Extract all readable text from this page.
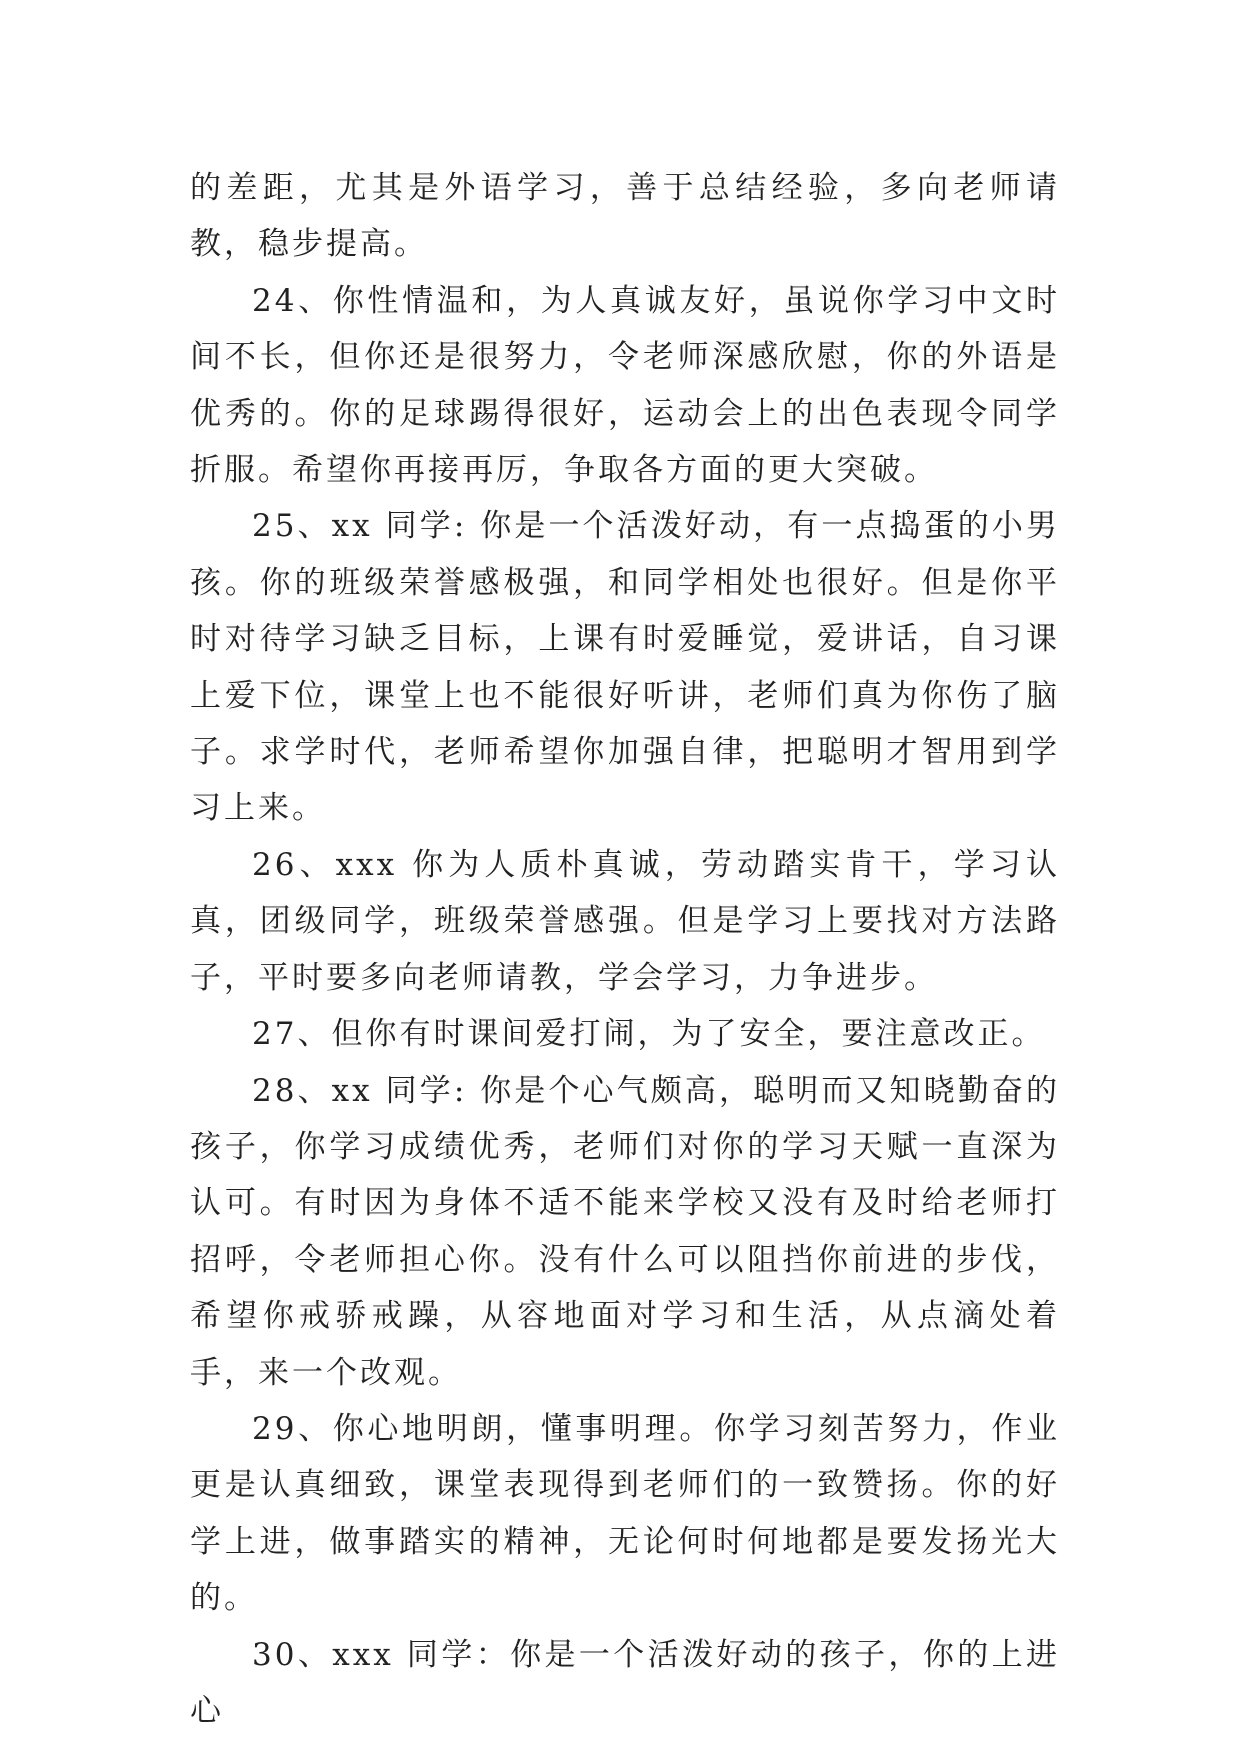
的差距，尤其是外语学习，善于总结经验，多向老师请教，稳步提高。

24、你性情温和，为人真诚友好，虽说你学习中文时间不长，但你还是很努力，令老师深感欣慰，你的外语是优秀的。你的足球踢得很好，运动会上的出色表现令同学折服。希望你再接再厉，争取各方面的更大突破。

25、xx 同学: 你是一个活泼好动，有一点捣蛋的小男孩。你的班级荣誉感极强，和同学相处也很好。但是你平时对待学习缺乏目标，上课有时爱睡觉，爱讲话，自习课上爱下位，课堂上也不能很好听讲，老师们真为你伤了脑子。求学时代，老师希望你加强自律，把聪明才智用到学习上来。

26、xxx 你为人质朴真诚，劳动踏实肯干，学习认真，团级同学，班级荣誉感强。但是学习上要找对方法路子，平时要多向老师请教，学会学习，力争进步。

27、但你有时课间爱打闹，为了安全，要注意改正。

28、xx 同学: 你是个心气颇高，聪明而又知晓勤奋的孩子，你学习成绩优秀，老师们对你的学习天赋一直深为认可。有时因为身体不适不能来学校又没有及时给老师打招呼，令老师担心你。没有什么可以阻挡你前进的步伐，希望你戒骄戒躁，从容地面对学习和生活，从点滴处着手，来一个改观。

29、你心地明朗，懂事明理。你学习刻苦努力，作业更是认真细致，课堂表现得到老师们的一致赞扬。你的好学上进，做事踏实的精神，无论何时何地都是要发扬光大的。

30、xxx 同学：你是一个活泼好动的孩子，你的上进心
